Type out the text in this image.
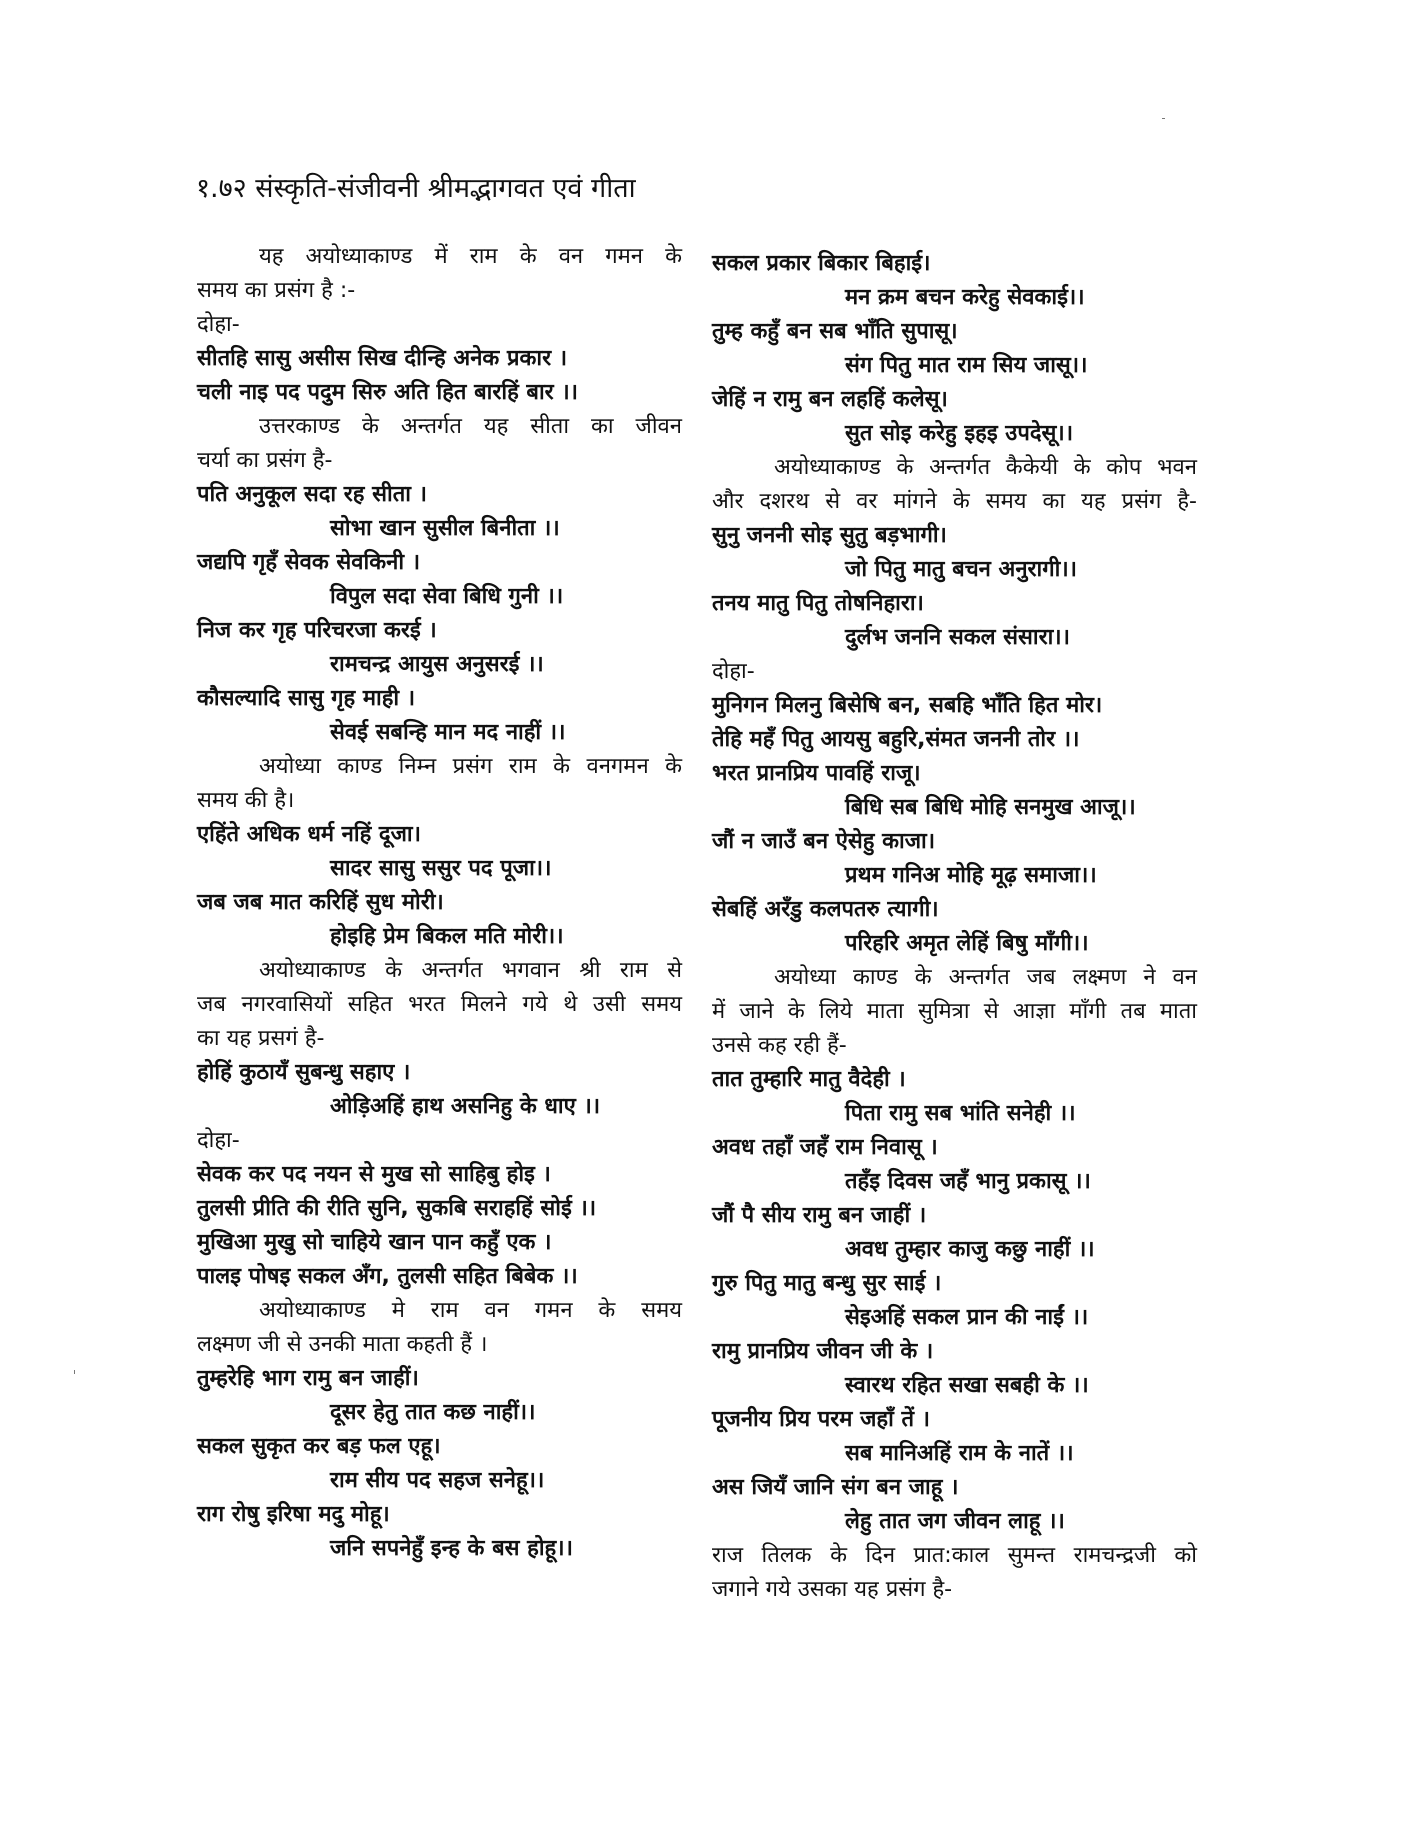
१.७२ संस्कृति-संजीवनी श्रीमद्भागवत एवं गीता
यह अयोध्याकाण्ड में राम के वन गमन के
समय का प्रसंग है :-
दोहा-
सीतहि सासु असीस सिख दीन्हि अनेक प्रकार ।
चली नाइ पद पदुम सिरु अति हित बारहिं बार ।।
उत्तरकाण्ड के अन्तर्गत यह सीता का जीवन
चर्या का प्रसंग है-
पति अनुकूल सदा रह सीता ।
सोभा खान सुसील बिनीता ।।
जद्यपि गृहँ सेवक सेवकिनी ।
विपुल सदा सेवा बिधि गुनी ।।
निज कर गृह परिचरजा करई ।
रामचन्द्र आयुस अनुसरई ।।
कौसल्यादि सासु गृह माही ।
सेवई सबन्हि मान मद नाहीं ।।
अयोध्या काण्ड निम्न प्रसंग राम के वनगमन के
समय की है।
एहिंते अधिक धर्म नहिं दूजा।
सादर सासु ससुर पद पूजा।।
जब जब मात करिहिं सुध मोरी।
होइहि प्रेम बिकल मति मोरी।।
अयोध्याकाण्ड के अन्तर्गत भगवान श्री राम से
जब नगरवासियों सहित भरत मिलने गये थे उसी समय
का यह प्रसगं है-
होहिं कुठायँ सुबन्धु सहाए ।
ओड़िअहिं हाथ असनिहु के धाए ।।
दोहा-
सेवक कर पद नयन से मुख सो साहिबु होइ ।
तुलसी प्रीति की रीति सुनि, सुकबि सराहहिं सोई ।।
मुखिआ मुखु सो चाहिये खान पान कहुँ एक ।
पालइ पोषइ सकल अँग, तुलसी सहित बिबेक ।।
अयोध्याकाण्ड मे राम वन गमन के समय
लक्ष्मण जी से उनकी माता कहती हैं ।
तुम्हरेहि भाग रामु बन जाहीं।
दूसर हेतु तात कछ नाहीं।।
सकल सुकृत कर बड़ फल एहू।
राम सीय पद सहज सनेहू।।
राग रोषु इरिषा मदु मोहू।
जनि सपनेहुँ इन्ह के बस होहू।।
सकल प्रकार बिकार बिहाई।
मन क्रम बचन करेहु सेवकाई।।
तुम्ह कहुँ बन सब भाँति सुपासू।
संग पितु मात राम सिय जासू।।
जेहिं न रामु बन लहहिं कलेसू।
सुत सोइ करेहु इहइ उपदेसू।।
अयोध्याकाण्ड के अन्तर्गत कैकेयी के कोप भवन
और दशरथ से वर मांगने के समय का यह प्रसंग है-
सुनु जननी सोइ सुतु बड़भागी।
जो पितु मातु बचन अनुरागी।।
तनय मातु पितु तोषनिहारा।
दुर्लभ जननि सकल संसारा।।
दोहा-
मुनिगन मिलनु बिसेषि बन, सबहि भाँति हित मोर।
तेहि महँ पितु आयसु बहुरि,संमत जननी तोर ।।
भरत प्रानप्रिय पावहिं राजू।
बिधि सब बिधि मोहि सनमुख आजू।।
जौं न जाउँ बन ऐसेहु काजा।
प्रथम गनिअ मोहि मूढ़ समाजा।।
सेबहिं अरँडु कलपतरु त्यागी।
परिहरि अमृत लेहिं बिषु माँगी।।
अयोध्या काण्ड के अन्तर्गत जब लक्ष्मण ने वन
में जाने के लिये माता सुमित्रा से आज्ञा माँगी तब माता
उनसे कह रही हैं-
तात तुम्हारि मातु वैदेही ।
पिता रामु सब भांति सनेही ।।
अवध तहाँ जहँ राम निवासू ।
तहँइ दिवस जहँ भानु प्रकासू ।।
जौं पै सीय रामु बन जाहीं ।
अवध तुम्हार काजु कछु नाहीं ।।
गुरु पितु मातु बन्धु सुर साई ।
सेइअहिं सकल प्रान की नाईं ।।
रामु प्रानप्रिय जीवन जी के ।
स्वारथ रहित सखा सबही के ।।
पूजनीय प्रिय परम जहाँ तें ।
सब मानिअहिं राम के नातें ।।
अस जियँ जानि संग बन जाहू ।
लेहु तात जग जीवन लाहू ।।
राज तिलक के दिन प्रात:काल सुमन्त रामचन्द्रजी को
जगाने गये उसका यह प्रसंग है-
